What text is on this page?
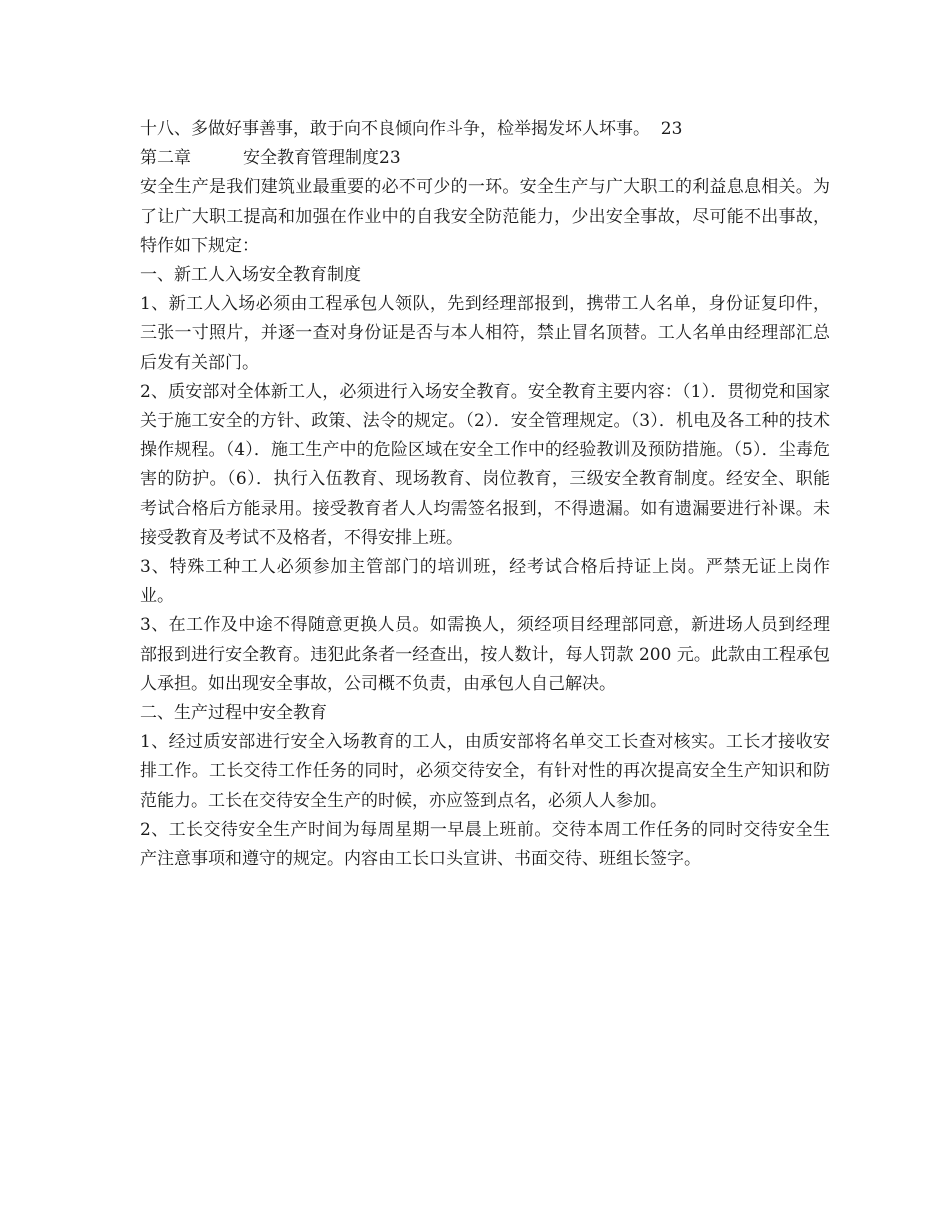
十八、多做好事善事，敢于向不良倾向作斗争，检举揭发坏人坏事。  23

第二章	安全教育管理制度23

安全生产是我们建筑业最重要的必不可少的一环。安全生产与广大职工的利益息息相关。为了让广大职工提高和加强在作业中的自我安全防范能力，少出安全事故，尽可能不出事故，特作如下规定：

一、新工人入场安全教育制度

1、新工人入场必须由工程承包人领队，先到经理部报到，携带工人名单，身份证复印件，三张一寸照片，并逐一查对身份证是否与本人相符，禁止冒名顶替。工人名单由经理部汇总后发有关部门。

2、质安部对全体新工人，必须进行入场安全教育。安全教育主要内容：（1）．贯彻党和国家关于施工安全的方针、政策、法令的规定。（2）．安全管理规定。（3）．机电及各工种的技术操作规程。（4）．施工生产中的危险区域在安全工作中的经验教训及预防措施。（5）．尘毒危害的防护。（6）．执行入伍教育、现场教育、岗位教育，三级安全教育制度。经安全、职能考试合格后方能录用。接受教育者人人均需签名报到，不得遗漏。如有遗漏要进行补课。未接受教育及考试不及格者，不得安排上班。

3、特殊工种工人必须参加主管部门的培训班，经考试合格后持证上岗。严禁无证上岗作业。

3、在工作及中途不得随意更换人员。如需换人，须经项目经理部同意，新进场人员到经理部报到进行安全教育。违犯此条者一经查出，按人数计，每人罚款 200 元。此款由工程承包人承担。如出现安全事故，公司概不负责，由承包人自己解决。

二、生产过程中安全教育

1、经过质安部进行安全入场教育的工人，由质安部将名单交工长查对核实。工长才接收安排工作。工长交待工作任务的同时，必须交待安全，有针对性的再次提高安全生产知识和防范能力。工长在交待安全生产的时候，亦应签到点名，必须人人参加。

2、工长交待安全生产时间为每周星期一早晨上班前。交待本周工作任务的同时交待安全生产注意事项和遵守的规定。内容由工长口头宣讲、书面交待、班组长签字。
